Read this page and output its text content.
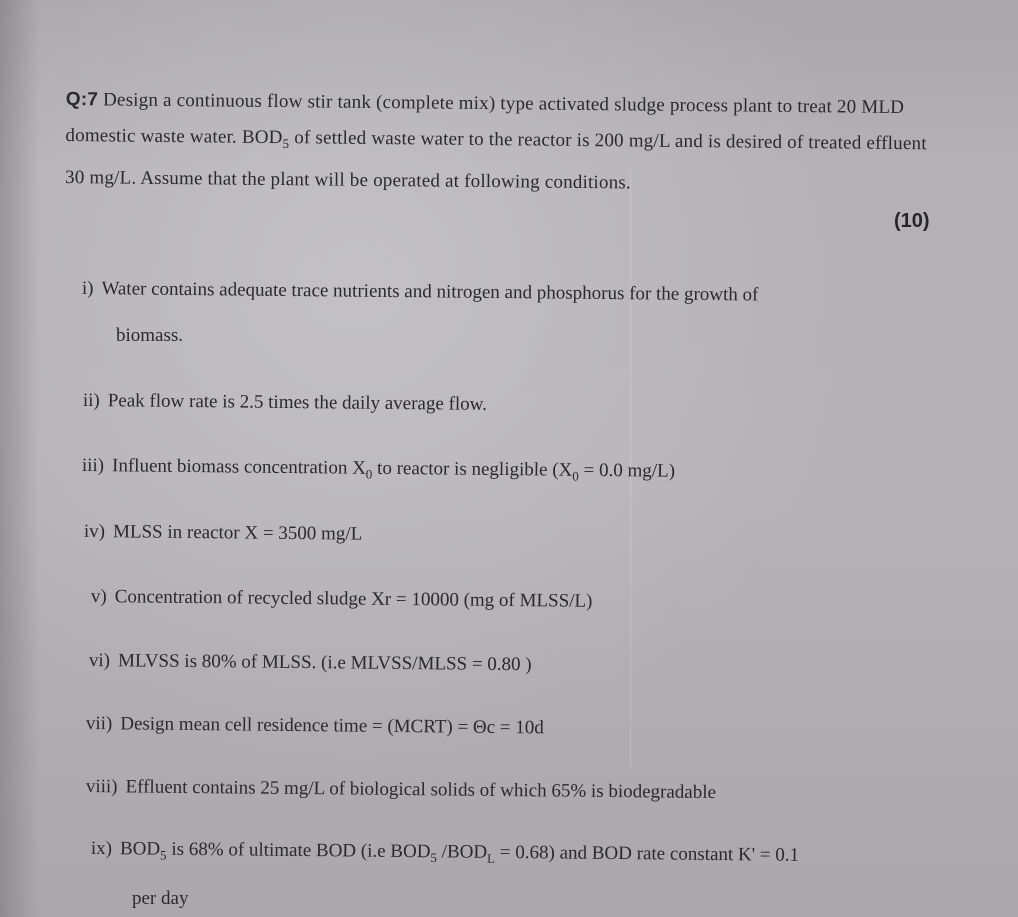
Q:7 Design a continuous flow stir tank (complete mix) type activated sludge process plant to treat 20 MLD domestic waste water. $BOD_5$ of settled waste water to the reactor is 200 mg/L and is desired of treated effluent 30 mg/L. Assume that the plant will be operated at following conditions.
(10)
i) Water contains adequate trace nutrients and nitrogen and phosphorus for the growth of
biomass.
ii) Peak flow rate is 2.5 times the daily average flow.
iii) Influent biomass concentration $X_0$ to reactor is negligible ($X_0 = 0.0$ mg/L)
iv) MLSS in reactor X = 3500 mg/L
v) Concentration of recycled sludge Xr = 10000 (mg of MLSS/L)
vi) MLVSS is 80% of MLSS. (i.e MLVSS/MLSS = 0.80 )
vii) Design mean cell residence time = (MCRT) = Θc = 10d
viii) Effluent contains 25 mg/L of biological solids of which 65% is biodegradable
ix) $BOD_5$ is 68% of ultimate BOD (i.e $BOD_5$ $/BOD_L = 0.68$) and BOD rate constant K' = 0.1
per day
